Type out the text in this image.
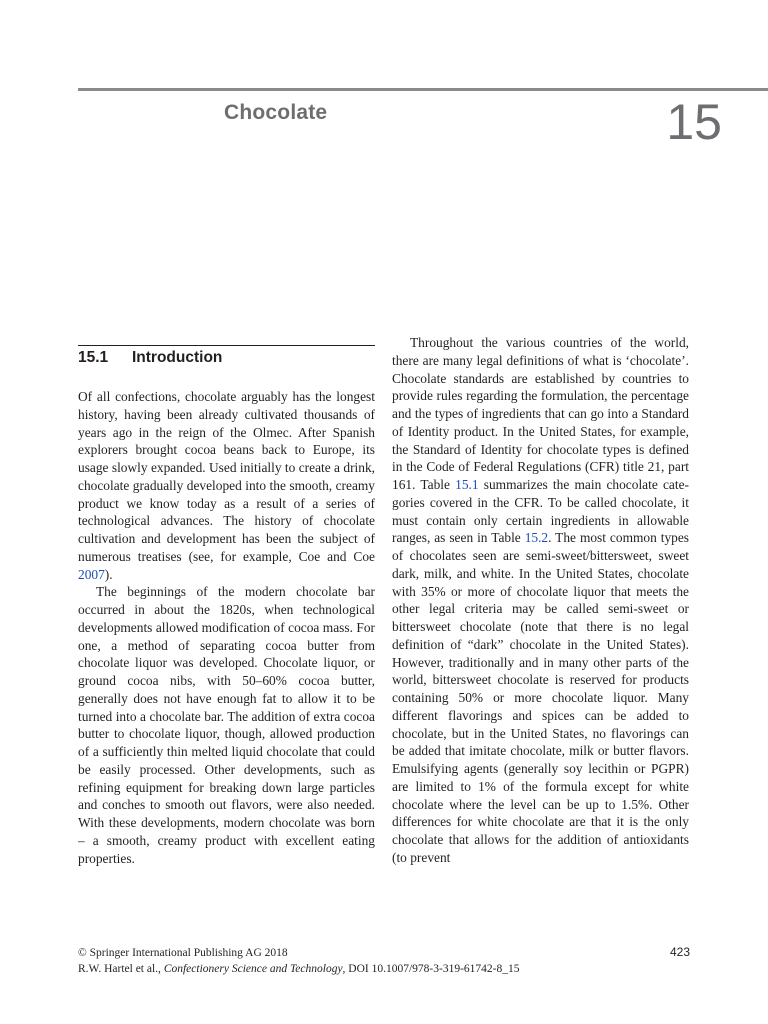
Chocolate	15
15.1 Introduction

Of all confections, chocolate arguably has the longest history, having been already cultivated thousands of years ago in the reign of the Olmec. After Spanish explorers brought cocoa beans back to Europe, its usage slowly expanded. Used initially to create a drink, chocolate gradually developed into the smooth, creamy product we know today as a result of a series of technological advances. The history of chocolate cultivation and development has been the subject of numerous treatises (see, for example, Coe and Coe 2007).

The beginnings of the modern chocolate bar occurred in about the 1820s, when technological developments allowed modification of cocoa mass. For one, a method of separating cocoa butter from chocolate liquor was developed. Chocolate liquor, or ground cocoa nibs, with 50–60% cocoa butter, generally does not have enough fat to allow it to be turned into a chocolate bar. The addition of extra cocoa butter to chocolate liquor, though, allowed production of a sufficiently thin melted liquid chocolate that could be easily processed. Other developments, such as refining equipment for breaking down large particles and conches to smooth out flavors, were also needed. With these developments, modern chocolate was born – a smooth, creamy product with excellent eating properties.

Throughout the various countries of the world, there are many legal definitions of what is ‘chocolate’. Chocolate standards are established by countries to provide rules regarding the formulation, the percentage and the types of ingredients that can go into a Standard of Identity product. In the United States, for example, the Standard of Identity for chocolate types is defined in the Code of Federal Regulations (CFR) title 21, part 161. Table 15.1 summarizes the main chocolate categories covered in the CFR. To be called chocolate, it must contain only certain ingredients in allowable ranges, as seen in Table 15.2. The most common types of chocolates seen are semi-sweet/bittersweet, sweet dark, milk, and white. In the United States, chocolate with 35% or more of chocolate liquor that meets the other legal criteria may be called semi-sweet or bittersweet chocolate (note that there is no legal definition of “dark” chocolate in the United States). However, traditionally and in many other parts of the world, bittersweet chocolate is reserved for products containing 50% or more chocolate liquor. Many different flavorings and spices can be added to chocolate, but in the United States, no flavorings can be added that imitate chocolate, milk or butter flavors. Emulsifying agents (generally soy lecithin or PGPR) are limited to 1% of the formula except for white chocolate where the level can be up to 1.5%. Other differences for white chocolate are that it is the only chocolate that allows for the addition of antioxidants (to prevent

© Springer International Publishing AG 2018
R.W. Hartel et al., Confectionery Science and Technology, DOI 10.1007/978-3-319-61742-8_15
423
